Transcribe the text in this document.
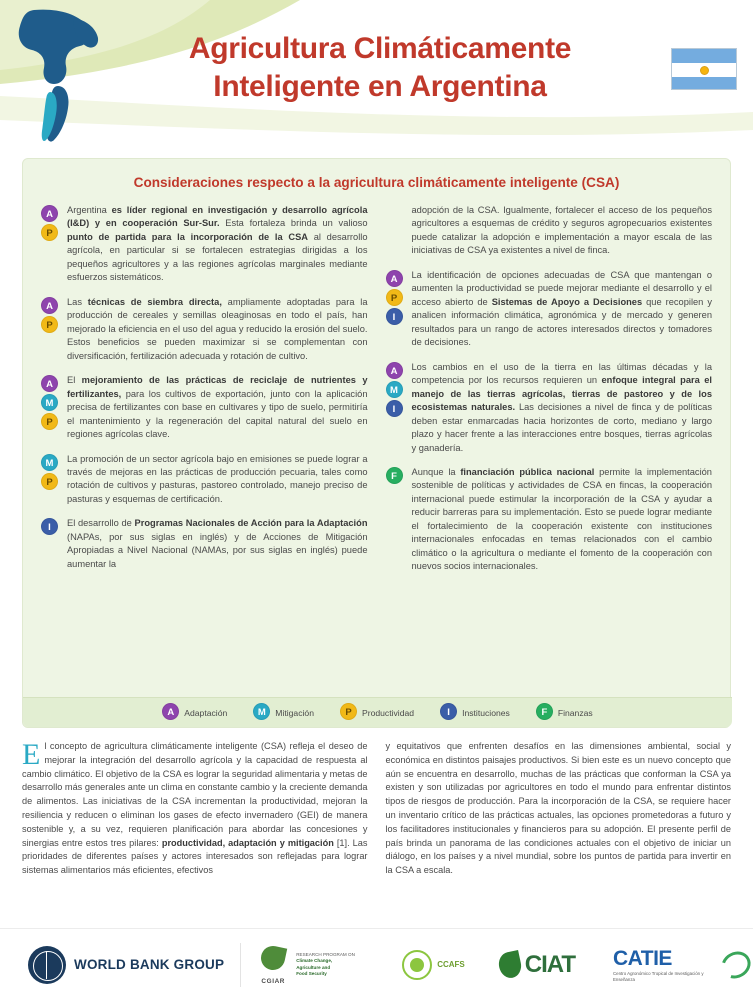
Agricultura Climáticamente
Inteligente en Argentina
Consideraciones respecto a la agricultura climáticamente inteligente (CSA)
A
P
Argentina es líder regional en investigación y desarrollo agrícola (I&D) y en cooperación Sur-Sur. Esta fortaleza brinda un valioso punto de partida para la incorporación de la CSA al desarrollo agrícola, en particular si se fortalecen estrategias dirigidas a los pequeños agricultores y a las regiones agrícolas marginales mediante esfuerzos sistemáticos.
A
P
Las técnicas de siembra directa, ampliamente adoptadas para la producción de cereales y semillas oleaginosas en todo el país, han mejorado la eficiencia en el uso del agua y reducido la erosión del suelo. Estos beneficios se pueden maximizar si se complementan con diversificación, fertilización adecuada y rotación de cultivo.
A
M
P
El mejoramiento de las prácticas de reciclaje de nutrientes y fertilizantes, para los cultivos de exportación, junto con la aplicación precisa de fertilizantes con base en cultivares y tipo de suelo, permitiría el mantenimiento y la regeneración del capital natural del suelo en regiones agrícolas clave.
M
P
La promoción de un sector agrícola bajo en emisiones se puede lograr a través de mejoras en las prácticas de producción pecuaria, tales como rotación de cultivos y pasturas, pastoreo controlado, manejo preciso de pasturas y esquemas de certificación.
I	El desarrollo de Programas Nacionales de Acción para la Adaptación (NAPAs, por sus siglas en inglés) y de Acciones de Mitigación Apropiadas a Nivel Nacional (NAMAs, por sus siglas en inglés) puede aumentar la
adopción de la CSA. Igualmente, fortalecer el acceso de los pequeños agricultores a esquemas de crédito y seguros agropecuarios existentes puede catalizar la adopción e implementación a mayor escala de las iniciativas de CSA ya existentes a nivel de finca.
A
P
I
La identificación de opciones adecuadas de CSA que mantengan o aumenten la productividad se puede mejorar mediante el desarrollo y el acceso abierto de Sistemas de Apoyo a Decisiones que recopilen y analicen información climática, agronómica y de mercado y generen resultados para un rango de actores interesados directos y tomadores de decisiones.
A
M
I
Los cambios en el uso de la tierra en las últimas décadas y la competencia por los recursos requieren un enfoque integral para el manejo de las tierras agrícolas, tierras de pastoreo y de los ecosistemas naturales. Las decisiones a nivel de finca y de políticas deben estar enmarcadas hacia horizontes de corto, mediano y largo plazo y hacer frente a las interacciones entre bosques, tierras agrícolas y ganadería.
F	Aunque la financiación pública nacional permite la implementación sostenible de políticas y actividades de CSA en fincas, la cooperación internacional puede estimular la incorporación de la CSA y ayudar a reducir barreras para su implementación. Esto se puede lograr mediante el fortalecimiento de la cooperación existente con instituciones internacionales enfocadas en temas relacionados con el cambio climático o la agricultura o mediante el fomento de la cooperación con nuevos socios internacionales.
A	Adaptación	M	Mitigación	P	Productividad	I	Instituciones	F	Finanzas
E l concepto de agricultura climáticamente inteligente (CSA) refleja el deseo de mejorar la integración del desarrollo agrícola y la capacidad de respuesta al cambio climático. El objetivo de la CSA es lograr la seguridad alimentaria y metas de desarrollo más generales ante un clima en constante cambio y la creciente demanda de alimentos. Las iniciativas de la CSA incrementan la productividad, mejoran la resiliencia y reducen o eliminan los gases de efecto invernadero (GEI) de manera sostenible y, a su vez, requieren planificación para abordar las concesiones y sinergias entre estos tres pilares: productividad, adaptación y mitigación [1]. Las prioridades de diferentes países y actores interesados son reflejadas para lograr sistemas alimentarios más eficientes, efectivos
y equitativos que enfrenten desafíos en las dimensiones ambiental, social y económica en distintos paisajes productivos. Si bien este es un nuevo concepto que aún se encuentra en desarrollo, muchas de las prácticas que conforman la CSA ya existen y son utilizadas por agricultores en todo el mundo para enfrentar distintos tipos de riesgos de producción. Para la incorporación de la CSA, se requiere hacer un inventario crítico de las prácticas actuales, las opciones prometedoras a futuro y los facilitadores institucionales y financieros para su adopción. El presente perfil de país brinda un panorama de las condiciones actuales con el objetivo de iniciar un diálogo, en los países y a nivel mundial, sobre los puntos de partida para invertir en la CSA a escala.
WORLD BANK GROUP
CGIAR
RESEARCH PROGRAM ON
Climate Change,
Agriculture and
Food Security
CCAFS	CIAT CATIE
Centro Agronómico Tropical de Investigación y Enseñanza
